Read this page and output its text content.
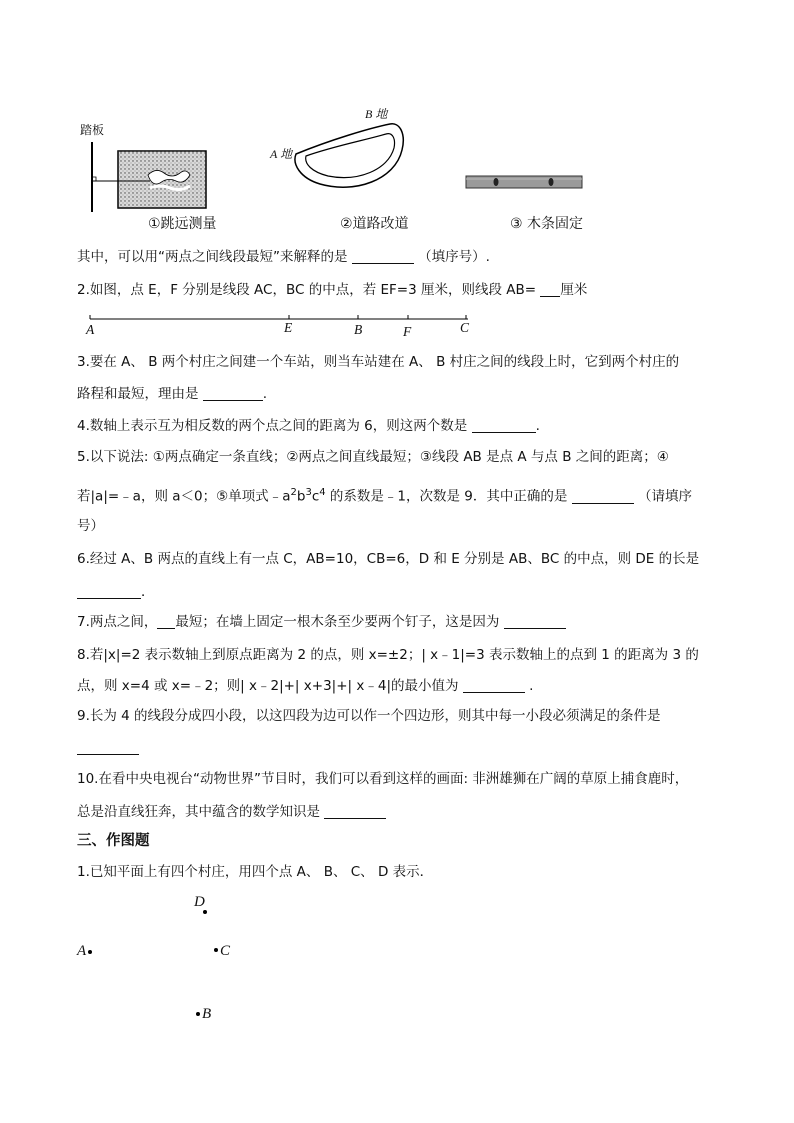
踏板
A 地
B 地
①跳远测量	②道路改道	③ 木条固定
其中，可以用“两点之间线段最短”来解释的是	（填序号）.
2.如图，点 E，F 分别是线段 AC，BC 的中点，若 EF=3 厘米，则线段 AB= 厘米
A	E	B	F	C
3.要在 A、 B 两个村庄之间建一个车站，则当车站建在 A、 B 村庄之间的线段上时，它到两个村庄的
路程和最短，理由是	.
4.数轴上表示互为相反数的两个点之间的距离为 6，则这两个数是	.
5.以下说法: ①两点确定一条直线；②两点之间直线最短；③线段 AB 是点 A 与点 B 之间的距离；④
若|a|=﹣a，则 a＜0；⑤单项式$﹣a^2b^3c^4$ 的系数是﹣1，次数是 9．其中正确的是	（请填序
号）
6.经过 A、B 两点的直线上有一点 C，AB=10，CB=6，D 和 E 分别是 AB、BC 的中点，则 DE 的长是
．
7.两点之间， 最短；在墙上固定一根木条至少要两个钉子，这是因为
8.若|x|=2 表示数轴上到原点距离为 2 的点，则 x=±2；| x﹣1|=3 表示数轴上的点到 1 的距离为 3 的
点，则 x=4 或 x=﹣2；则| x﹣2|+| x+3|+| x﹣4|的最小值为	.
9.长为 4 的线段分成四小段，以这四段为边可以作一个四边形，则其中每一小段必须满足的条件是
10.在看中央电视台“动物世界”节目时，我们可以看到这样的画面: 非洲雄狮在广阔的草原上捕食鹿时，
总是沿直线狂奔，其中蕴含的数学知识是
三、作图题
1.已知平面上有四个村庄，用四个点 A、 B、 C、 D 表示．
D
A	C
B
